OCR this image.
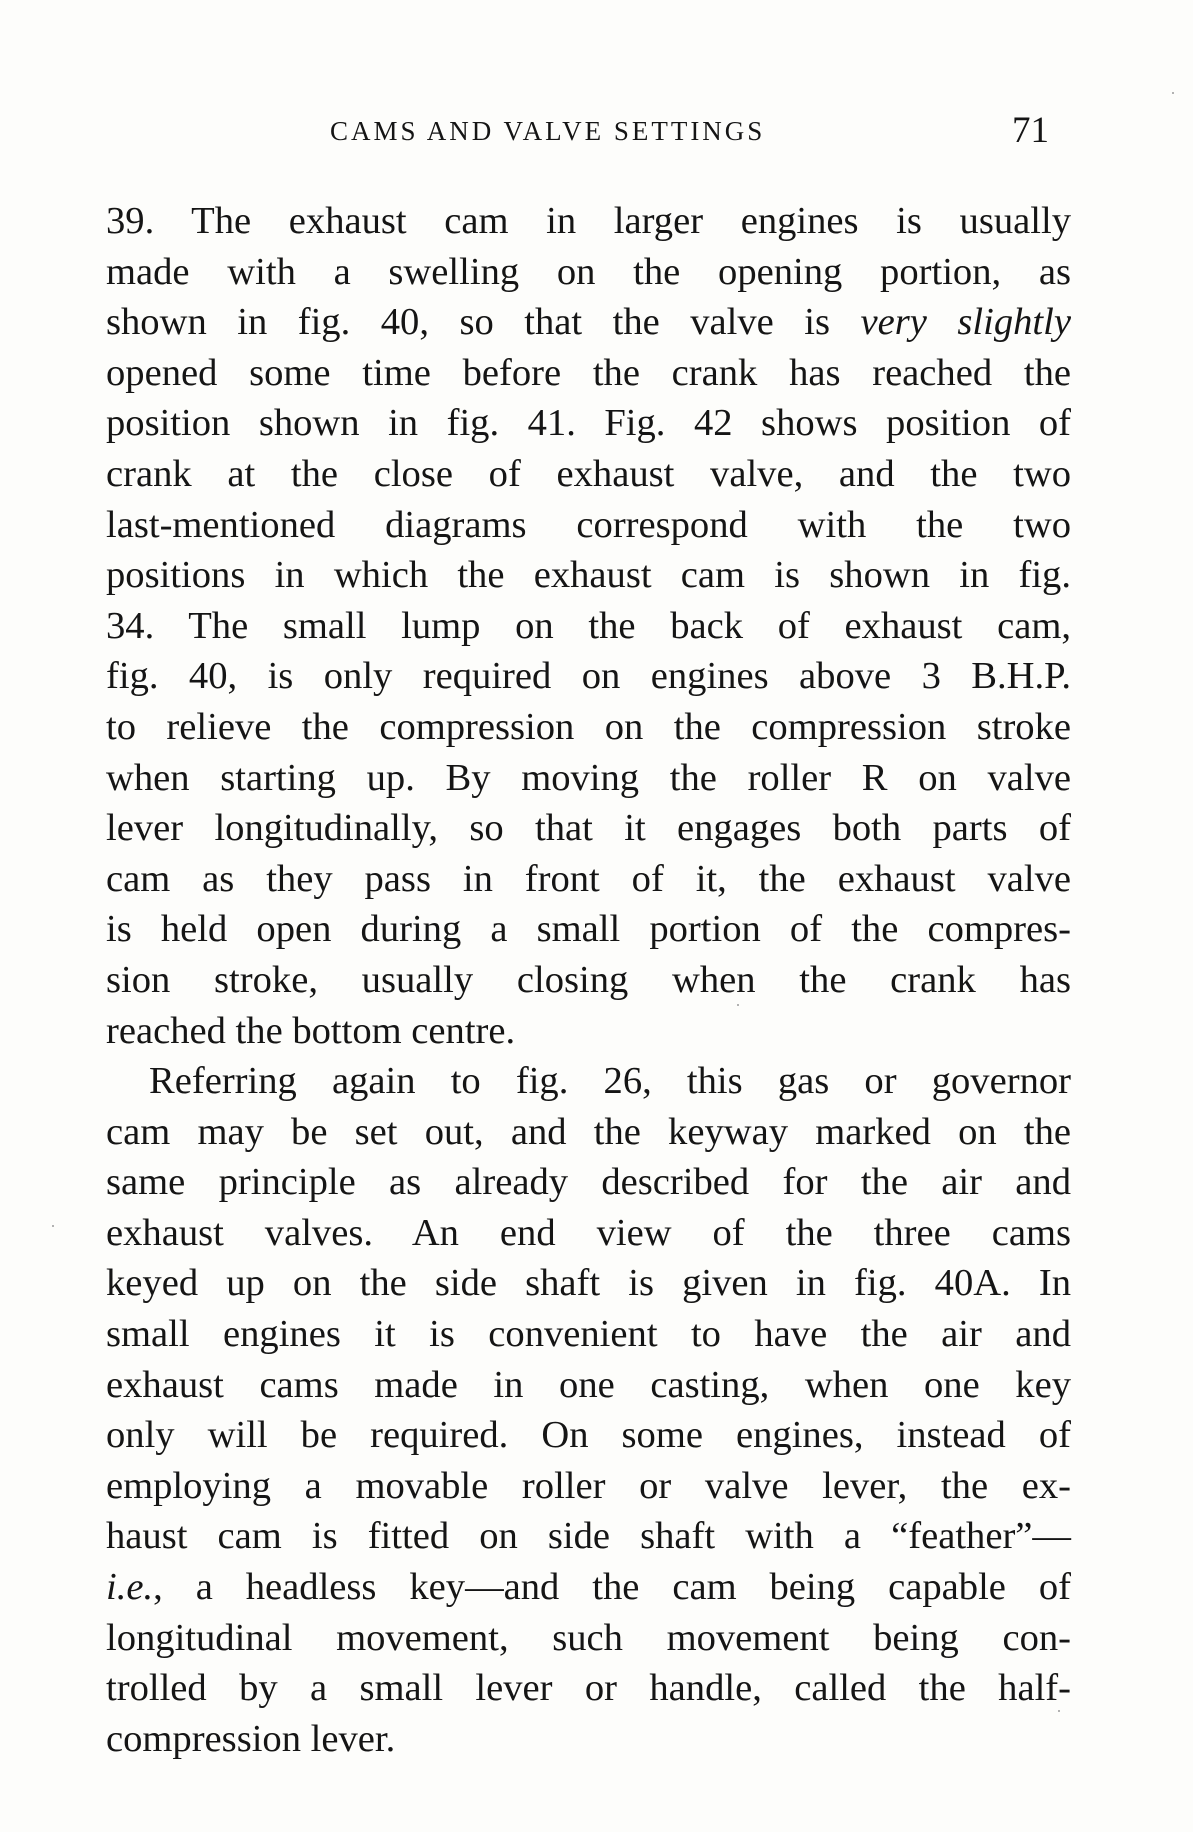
CAMS AND VALVE SETTINGS	71
39. The exhaust cam in larger engines is usually
made with a swelling on the opening portion, as
shown in fig. 40, so that the valve is very slightly
opened some time before the crank has reached the
position shown in fig. 41. Fig. 42 shows position of
crank at the close of exhaust valve, and the two
last-mentioned diagrams correspond with the two
positions in which the exhaust cam is shown in fig.
34. The small lump on the back of exhaust cam,
fig. 40, is only required on engines above 3 B.H.P.
to relieve the compression on the compression stroke
when starting up. By moving the roller R on valve
lever longitudinally, so that it engages both parts of
cam as they pass in front of it, the exhaust valve
is held open during a small portion of the compres-
sion stroke, usually closing when the crank has
reached the bottom centre.
Referring again to fig. 26, this gas or governor
cam may be set out, and the keyway marked on the
same principle as already described for the air and
exhaust valves. An end view of the three cams
keyed up on the side shaft is given in fig. 40A. In
small engines it is convenient to have the air and
exhaust cams made in one casting, when one key
only will be required. On some engines, instead of
employing a movable roller or valve lever, the ex-
haust cam is fitted on side shaft with a “feather”—
i.e., a headless key—and the cam being capable of
longitudinal movement, such movement being con-
trolled by a small lever or handle, called the half-
compression lever.
